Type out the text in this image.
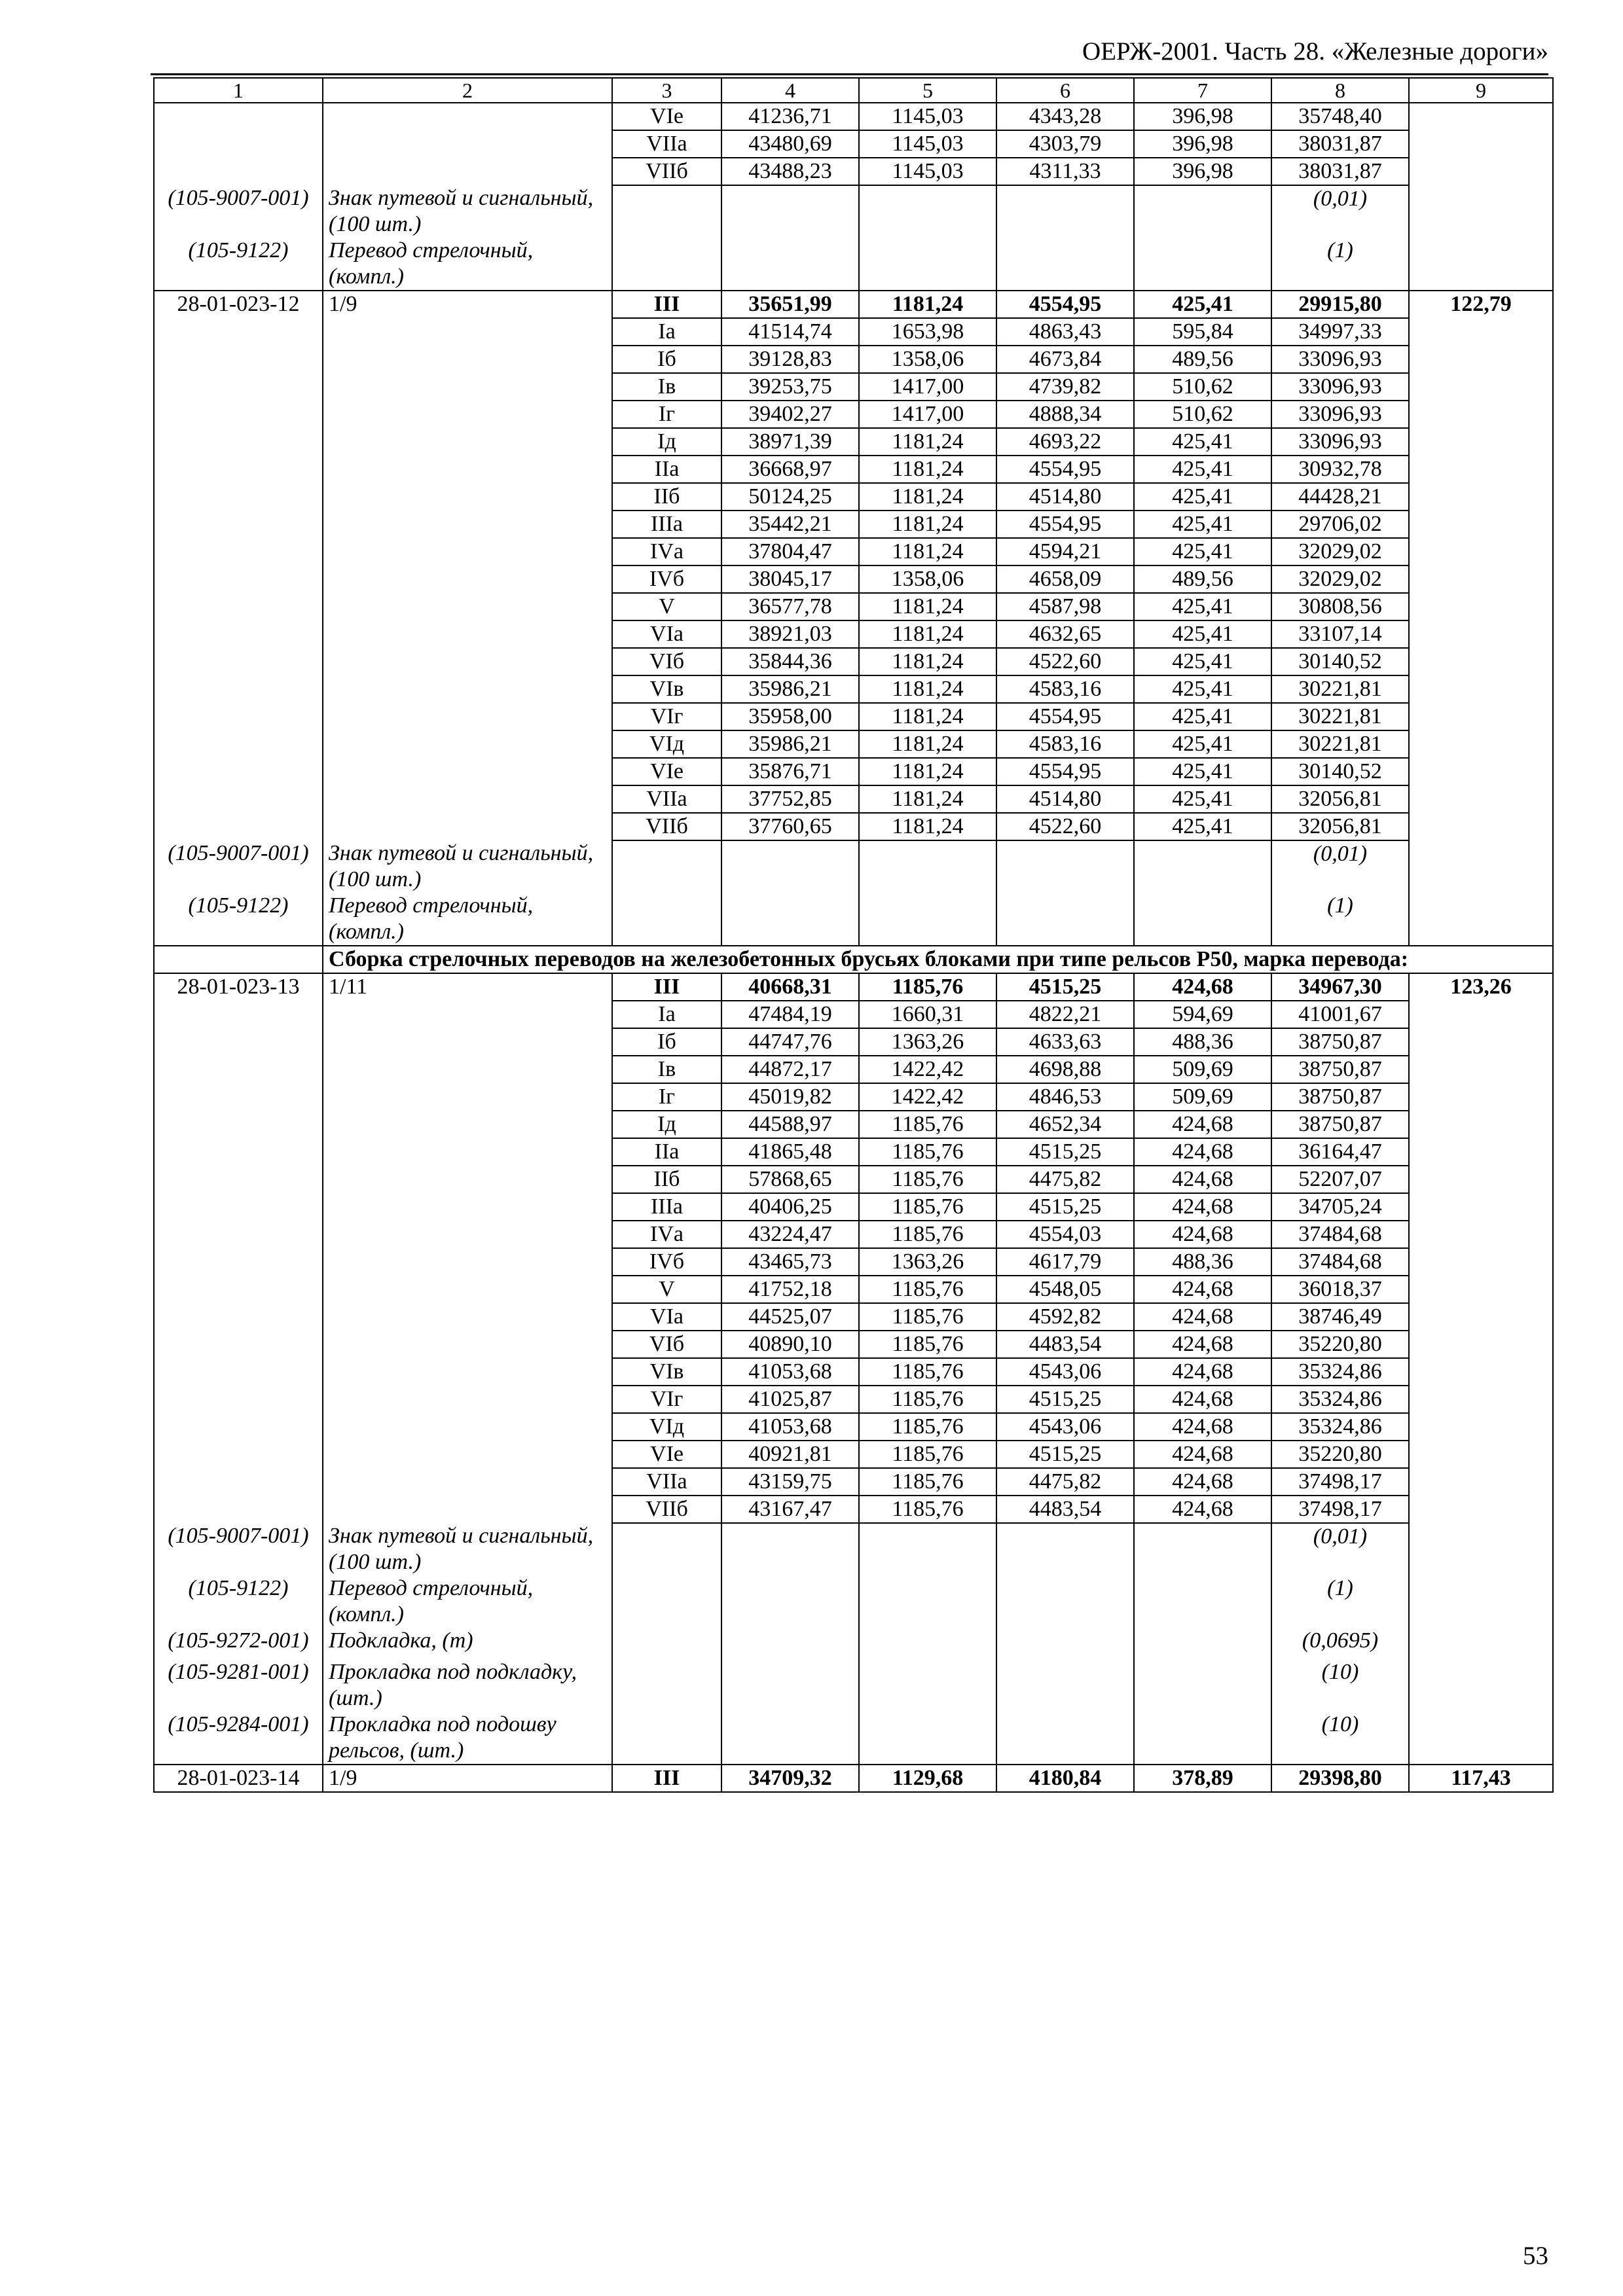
ОЕРЖ-2001. Часть 28. «Железные дороги»
1	2	3	4	5	6	7	8	9
		VIе	41236,71	1145,03	4343,28	396,98	35748,40	
		VIIа	43480,69	1145,03	4303,79	396,98	38031,87	
		VIIб	43488,23	1145,03	4311,33	396,98	38031,87	
(105-9007-001)	Знак путевой и сигнальный, (100 шт.)						(0,01)	
(105-9122)	Перевод стрелочный, (компл.)						(1)	
28-01-023-12	1/9	III	35651,99	1181,24	4554,95	425,41	29915,80	122,79
		Iа	41514,74	1653,98	4863,43	595,84	34997,33	
		Iб	39128,83	1358,06	4673,84	489,56	33096,93	
		Iв	39253,75	1417,00	4739,82	510,62	33096,93	
		Iг	39402,27	1417,00	4888,34	510,62	33096,93	
		Iд	38971,39	1181,24	4693,22	425,41	33096,93	
		IIа	36668,97	1181,24	4554,95	425,41	30932,78	
		IIб	50124,25	1181,24	4514,80	425,41	44428,21	
		IIIа	35442,21	1181,24	4554,95	425,41	29706,02	
		IVа	37804,47	1181,24	4594,21	425,41	32029,02	
		IVб	38045,17	1358,06	4658,09	489,56	32029,02	
		V	36577,78	1181,24	4587,98	425,41	30808,56	
		VIа	38921,03	1181,24	4632,65	425,41	33107,14	
		VIб	35844,36	1181,24	4522,60	425,41	30140,52	
		VIв	35986,21	1181,24	4583,16	425,41	30221,81	
		VIг	35958,00	1181,24	4554,95	425,41	30221,81	
		VIд	35986,21	1181,24	4583,16	425,41	30221,81	
		VIе	35876,71	1181,24	4554,95	425,41	30140,52	
		VIIа	37752,85	1181,24	4514,80	425,41	32056,81	
		VIIб	37760,65	1181,24	4522,60	425,41	32056,81	
(105-9007-001)	Знак путевой и сигнальный, (100 шт.)						(0,01)	
(105-9122)	Перевод стрелочный, (компл.)						(1)	
	Сборка стрелочных переводов на железобетонных брусьях блоками при типе рельсов Р50, марка перевода:							
28-01-023-13	1/11	III	40668,31	1185,76	4515,25	424,68	34967,30	123,26
		Iа	47484,19	1660,31	4822,21	594,69	41001,67	
		Iб	44747,76	1363,26	4633,63	488,36	38750,87	
		Iв	44872,17	1422,42	4698,88	509,69	38750,87	
		Iг	45019,82	1422,42	4846,53	509,69	38750,87	
		Iд	44588,97	1185,76	4652,34	424,68	38750,87	
		IIа	41865,48	1185,76	4515,25	424,68	36164,47	
		IIб	57868,65	1185,76	4475,82	424,68	52207,07	
		IIIа	40406,25	1185,76	4515,25	424,68	34705,24	
		IVа	43224,47	1185,76	4554,03	424,68	37484,68	
		IVб	43465,73	1363,26	4617,79	488,36	37484,68	
		V	41752,18	1185,76	4548,05	424,68	36018,37	
		VIа	44525,07	1185,76	4592,82	424,68	38746,49	
		VIб	40890,10	1185,76	4483,54	424,68	35220,80	
		VIв	41053,68	1185,76	4543,06	424,68	35324,86	
		VIг	41025,87	1185,76	4515,25	424,68	35324,86	
		VIд	41053,68	1185,76	4543,06	424,68	35324,86	
		VIе	40921,81	1185,76	4515,25	424,68	35220,80	
		VIIа	43159,75	1185,76	4475,82	424,68	37498,17	
		VIIб	43167,47	1185,76	4483,54	424,68	37498,17	
(105-9007-001)	Знак путевой и сигнальный, (100 шт.)						(0,01)	
(105-9122)	Перевод стрелочный, (компл.)						(1)	
(105-9272-001)	Подкладка, (т)						(0,0695)	
(105-9281-001)	Прокладка под подкладку, (шт.)						(10)	
(105-9284-001)	Прокладка под подошву рельсов, (шт.)						(10)	
28-01-023-14	1/9	III	34709,32	1129,68	4180,84	378,89	29398,80	117,43
53
